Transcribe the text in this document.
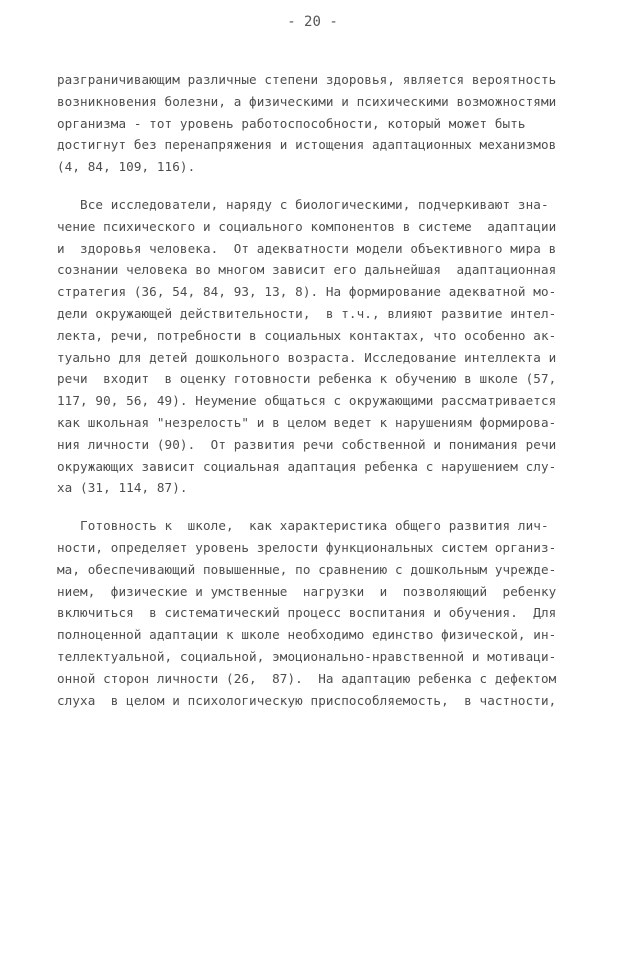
- 20 -
разграничивающим различные степени здоровья, является вероятность
возникновения болезни, а физическими и психическими возможностями
организма - тот уровень работоспособности, который может быть
достигнут без перенапряжения и истощения адаптационных механизмов
(4, 84, 109, 116).
Все исследователи, наряду с биологическими, подчеркивают зна-
чение психического и социального компонентов в системе  адаптации
и  здоровья человека.  От адекватности модели объективного мира в
сознании человека во многом зависит его дальнейшая  адаптационная
стратегия (36, 54, 84, 93, 13, 8). На формирование адекватной мо-
дели окружающей действительности,  в т.ч., влияют развитие интел-
лекта, речи, потребности в социальных контактах, что особенно ак-
туально для детей дошкольного возраста. Исследование интеллекта и
речи  входит  в оценку готовности ребенка к обучению в школе (57,
117, 90, 56, 49). Неумение общаться с окружающими рассматривается
как школьная "незрелость" и в целом ведет к нарушениям формирова-
ния личности (90).  От развития речи собственной и понимания речи
окружающих зависит социальная адаптация ребенка с нарушением слу-
ха (31, 114, 87).
Готовность к  школе,  как характеристика общего развития лич-
ности, определяет уровень зрелости функциональных систем организ-
ма, обеспечивающий повышенные, по сравнению с дошкольным учрежде-
нием,  физические и умственные  нагрузки  и  позволяющий  ребенку
включиться  в систематический процесс воспитания и обучения.  Для
полноценной адаптации к школе необходимо единство физической, ин-
теллектуальной, социальной, эмоционально-нравственной и мотиваци-
онной сторон личности (26,  87).  На адаптацию ребенка с дефектом
слуха  в целом и психологическую приспособляемость,  в частности,
